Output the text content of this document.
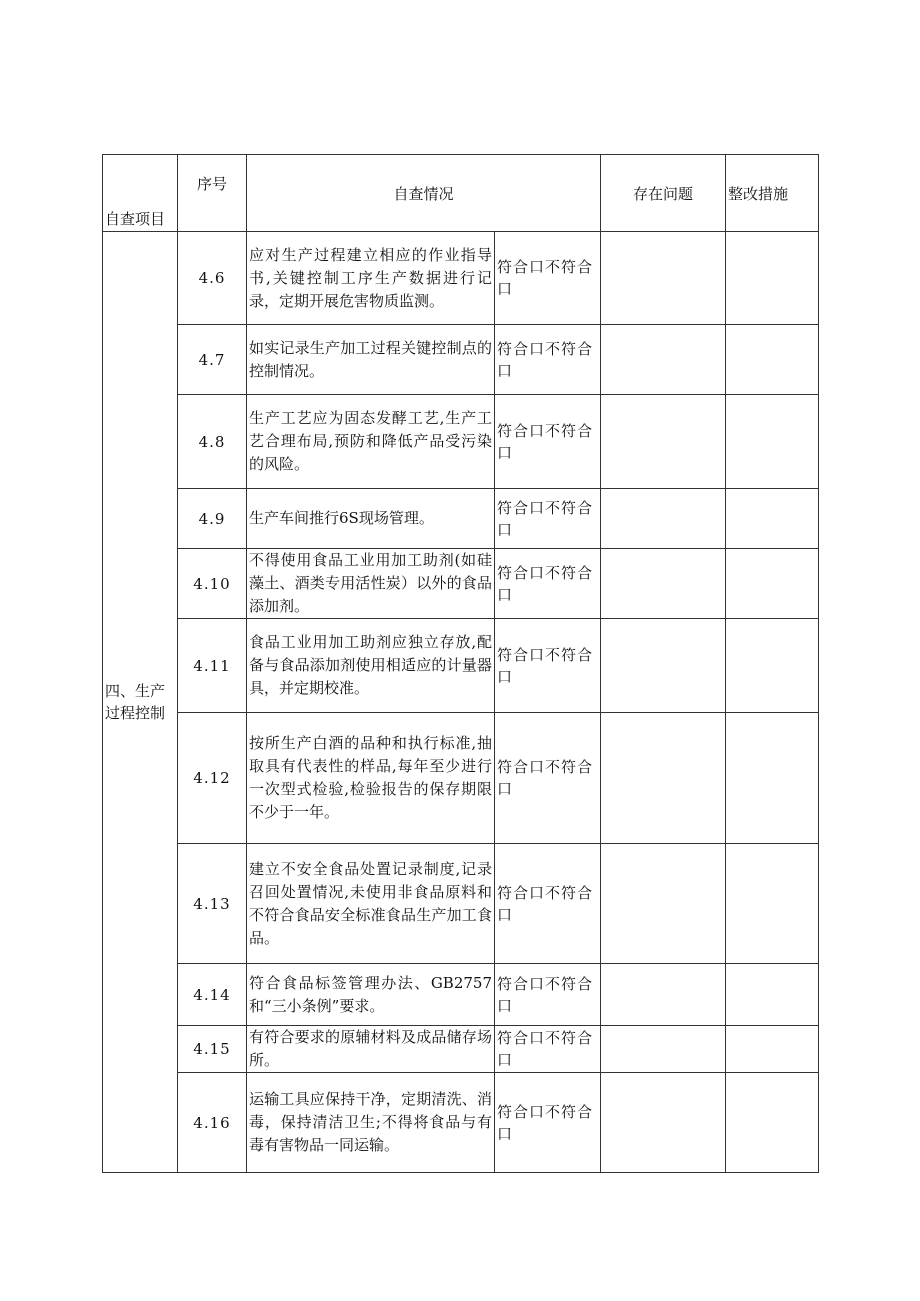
自查项目	序号	自查情况		存在问题	整改措施
四、生产过程控制	4.6	应对生产过程建立相应的作业指导书,关键控制工序生产数据进行记录，定期开展危害物质监测。	符合口不符合口		
	4.7	如实记录生产加工过程关键控制点的控制情况。	符合口不符合口		
	4.8	生产工艺应为固态发酵工艺,生产工艺合理布局,预防和降低产品受污染的风险。	符合口不符合口		
	4.9	生产车间推行6S现场管理。	符合口不符合口		
	4.10	不得使用食品工业用加工助剂(如硅藻土、酒类专用活性炭）以外的食品添加剂。	符合口不符合口		
	4.11	食品工业用加工助剂应独立存放,配备与食品添加剂使用相适应的计量器具，并定期校准。	符合口不符合口		
	4.12	按所生产白酒的品种和执行标准,抽取具有代表性的样品,每年至少进行一次型式检验,检验报告的保存期限不少于一年。	符合口不符合口		
	4.13	建立不安全食品处置记录制度,记录召回处置情况,未使用非食品原料和不符合食品安全标准食品生产加工食品。	符合口不符合口		
	4.14	符合食品标签管理办法、GB2757和“三小条例”要求。	符合口不符合口		
	4.15	有符合要求的原辅材料及成品储存场所。	符合口不符合口		
	4.16	运输工具应保持干净，定期清洗、消毒，保持清洁卫生;不得将食品与有毒有害物品一同运输。	符合口不符合口		
